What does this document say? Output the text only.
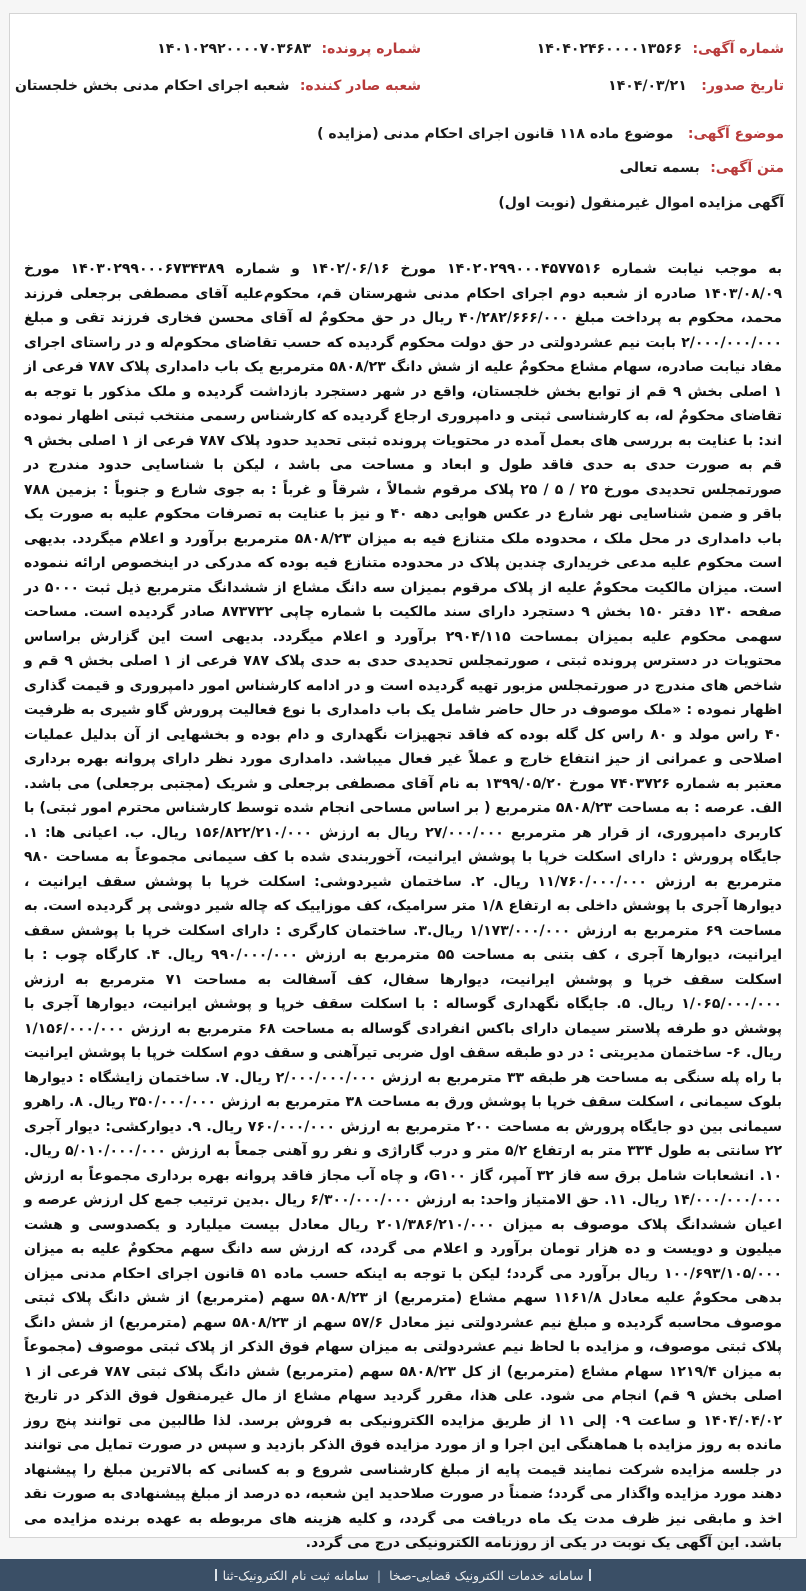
شماره آگهی: ۱۴۰۴۰۲۴۶۰۰۰۰۱۳۵۶۶
شماره پرونده: ۱۴۰۱۰۲۹۲۰۰۰۰۷۰۳۶۸۳
تاریخ صدور: ۱۴۰۴/۰۳/۲۱
شعبه صادر کننده: شعبه اجرای احکام مدنی بخش خلجستان
موضوع آگهی: موضوع ماده ۱۱۸ قانون اجرای احکام مدنی (مزایده )
متن آگهی: بسمه تعالی
آگهی مزایده اموال غیرمنقول (نوبت اول)
به موجب نیابت شماره ۱۴۰۲۰۲۹۹۰۰۰۴۵۷۷۵۱۶ مورخ ۱۴۰۲/۰۶/۱۶ و شماره ۱۴۰۳۰۲۹۹۰۰۰۶۷۳۴۳۸۹ مورخ ۱۴۰۳/۰۸/۰۹ صادره از شعبه دوم اجرای احکام مدنی شهرستان قم، محکوم‌علیه آقای مصطفی برجعلی فرزند محمد، محکوم به پرداخت مبلغ ۴۰/۲۸۲/۶۶۶/۰۰۰ ریال در حق محکومٌ له آقای محسن فخاری فرزند تقی و مبلغ ۲/۰۰۰/۰۰۰/۰۰۰ بابت نیم عشردولتی در حق دولت محکوم گردیده که حسب تقاضای محکوم‌له و در راستای اجرای مفاد نیابت صادره، سهام مشاع محکومٌ علیه از شش دانگ ۵۸۰۸/۲۳ مترمربع یک باب دامداری پلاک ۷۸۷ فرعی از ۱ اصلی بخش ۹ قم از توابع بخش خلجستان، واقع در شهر دستجرد بازداشت گردیده و ملک مذکور با توجه به تقاضای محکومٌ له، به کارشناسی ثبتی و دامپروری ارجاع گردیده که کارشناس رسمی منتخب ثبتی اظهار نموده اند: با عنایت به بررسی های بعمل آمده در محتویات پرونده ثبتی تحدید حدود پلاک ۷۸۷ فرعی از ۱ اصلی بخش ۹ قم به صورت حدی به حدی فاقد طول و ابعاد و مساحت می باشد ، لیکن با شناسایی حدود مندرج در صورتمجلس تحدیدی مورخ ۲۵ / ۵ / ۲۵ پلاک مرقوم شمالاً ، شرقاً و غرباً : به جوی شارع و جنوباً : بزمین ۷۸۸ باقر و ضمن شناسایی نهر شارع در عکس هوایی دهه ۴۰ و نیز با عنایت به تصرفات محکوم علیه به صورت یک باب دامداری در محل ملک ، محدوده ملک متنازع فیه به میزان ۵۸۰۸/۲۳ مترمربع برآورد و اعلام میگردد. بدیهی است محکوم علیه مدعی خریداری چندین پلاک در محدوده متنازع فیه بوده که مدرکی در اینخصوص ارائه ننموده است. میزان مالکیت محکومٌ علیه از پلاک مرقوم بمیزان سه دانگ مشاع از ششدانگ مترمربع ذیل ثبت ۵۰۰۰ در صفحه ۱۳۰ دفتر ۱۵۰ بخش ۹ دستجرد دارای سند مالکیت با شماره چاپی ۸۷۳۷۳۲ صادر گردیده است. مساحت سهمی محکوم علیه بمیزان بمساحت ۲۹۰۴/۱۱۵ برآورد و اعلام میگردد. بدیهی است این گزارش براساس محتویات در دسترس پرونده ثبتی ، صورتمجلس تحدیدی حدی به حدی پلاک ۷۸۷ فرعی از ۱ اصلی بخش ۹ قم و شاخص های مندرج در صورتمجلس مزبور تهیه گردیده است و در ادامه کارشناس امور دامپروری و قیمت گذاری اظهار نموده : «ملک موصوف در حال حاضر شامل یک باب دامداری با نوع فعالیت پرورش گاو شیری به ظرفیت ۴۰ راس مولد و ۸۰ راس کل گله بوده که فاقد تجهیزات نگهداری و دام بوده و بخشهایی از آن بدلیل عملیات اصلاحی و عمرانی از حیز انتفاع خارج و عملاً غیر فعال میباشد. دامداری مورد نظر دارای پروانه بهره برداری معتبر به شماره ۷۴۰۳۷۲۶ مورخ ۱۳۹۹/۰۵/۲۰ به نام آقای مصطفی برجعلی و شریک (مجتبی برجعلی) می باشد. الف. عرصه : به مساحت ۵۸۰۸/۲۳ مترمربع ( بر اساس مساحی انجام شده توسط کارشناس محترم امور ثبتی) با کاربری دامپروری، از قرار هر مترمربع ۲۷/۰۰۰/۰۰۰ ریال به ارزش ۱۵۶/۸۲۲/۲۱۰/۰۰۰ ریال. ب. اعیانی ها: ۱. جایگاه پرورش : دارای اسکلت خرپا با پوشش ایرانیت، آخوربندی شده با کف سیمانی مجموعاً به مساحت ۹۸۰ مترمربع به ارزش ۱۱/۷۶۰/۰۰۰/۰۰۰ ریال. ۲. ساختمان شیردوشی: اسکلت خرپا با پوشش سقف ایرانیت ، دیوارها آجری با پوشش داخلی به ارتفاع ۱/۸ متر سرامیک، کف موزاییک که چاله شیر دوشی پر گردیده است. به مساحت ۶۹ مترمربع به ارزش ۱/۱۷۳/۰۰۰/۰۰۰ ریال.۳. ساختمان کارگری : دارای اسکلت خرپا با پوشش سقف ایرانیت، دیوارها آجری ، کف بتنی به مساحت ۵۵ مترمربع به ارزش ۹۹۰/۰۰۰/۰۰۰ ریال. ۴. کارگاه چوب : با اسکلت سقف خرپا و پوشش ایرانیت، دیوارها سفال، کف آسفالت به مساحت ۷۱ مترمربع به ارزش ۱/۰۶۵/۰۰۰/۰۰۰ ریال. ۵. جایگاه نگهداری گوساله : با اسکلت سقف خرپا و پوشش ایرانیت، دیوارها آجری با پوشش دو طرفه پلاستر سیمان دارای باکس انفرادی گوساله به مساحت ۶۸ مترمربع به ارزش ۱/۱۵۶/۰۰۰/۰۰۰ ریال. ۶- ساختمان مدیریتی : در دو طبقه سقف اول ضربی تیرآهنی و سقف دوم اسکلت خرپا با پوشش ایرانیت با راه پله سنگی به مساحت هر طبقه ۳۳ مترمربع به ارزش ۲/۰۰۰/۰۰۰/۰۰۰ ریال. ۷. ساختمان زایشگاه : دیوارها بلوک سیمانی ، اسکلت سقف خرپا با پوشش ورق به مساحت ۳۸ مترمربع به ارزش ۳۵۰/۰۰۰/۰۰۰ ریال. ۸. راهرو سیمانی بین دو جایگاه پرورش به مساحت ۲۰۰ مترمربع به ارزش ۷۶۰/۰۰۰/۰۰۰ ریال. ۹. دیوارکشی: دیوار آجری ۲۲ سانتی به طول ۳۳۴ متر به ارتفاع ۵/۲ متر و درب گاراژی و نفر رو آهنی جمعاً به ارزش ۵/۰۱۰/۰۰۰/۰۰۰ ریال. ۱۰. انشعابات شامل برق سه فاز ۳۲ آمپر، گاز G۱۰۰، و چاه آب مجاز فاقد پروانه بهره برداری مجموعاً به ارزش ۱۴/۰۰۰/۰۰۰/۰۰۰ ریال. ۱۱. حق الامتیاز واحد: به ارزش ۶/۳۰۰/۰۰۰/۰۰۰ ریال .بدین ترتیب جمع کل ارزش عرصه و اعیان ششدانگ پلاک موصوف به میزان ۲۰۱/۳۸۶/۲۱۰/۰۰۰ ریال معادل بیست میلیارد و یکصدوسی و هشت میلیون و دویست و ده هزار تومان برآورد و اعلام می گردد، که ارزش سه دانگ سهم محکومٌ علیه به میزان ۱۰۰/۶۹۳/۱۰۵/۰۰۰ ریال برآورد می گردد؛ لیکن با توجه به اینکه حسب ماده ۵۱ قانون اجرای احکام مدنی میزان بدهی محکومٌ علیه معادل ۱۱۶۱/۸ سهم مشاع (مترمربع) از ۵۸۰۸/۲۳ سهم (مترمربع) از شش دانگ پلاک ثبتی موصوف محاسبه گردیده و مبلغ نیم عشردولتی نیز معادل ۵۷/۶ سهم از ۵۸۰۸/۲۳ سهم (مترمربع) از شش دانگ پلاک ثبتی موصوف، و مزایده با لحاظ نیم عشردولتی به میزان سهام فوق الذکر از پلاک ثبتی موصوف (مجموعاً به میزان ۱۲۱۹/۴ سهام مشاع (مترمربع) از کل ۵۸۰۸/۲۳ سهم (مترمربع) شش دانگ پلاک ثبتی ۷۸۷ فرعی از ۱ اصلی بخش ۹ قم) انجام می شود. علی هذا، مقرر گردید سهام مشاع از مال غیرمنقول فوق الذکر در تاریخ ۱۴۰۴/۰۴/۰۲ و ساعت ۰۹ إلی ۱۱ از طریق مزایده الکترونیکی به فروش برسد. لذا طالبین می توانند پنج روز مانده به روز مزایده با هماهنگی این اجرا و از مورد مزایده فوق الذکر بازدید و سپس در صورت تمایل می توانند در جلسه مزایده شرکت نمایند قیمت پایه از مبلغ کارشناسی شروع و به کسانی که بالاترین مبلغ را پیشنهاد دهند مورد مزایده واگذار می گردد؛ ضمناً در صورت صلاحدید این شعبه، ده درصد از مبلغ پیشنهادی به صورت نقد اخذ و مابقی نیز ظرف مدت یک ماه دریافت می گردد، و کلیه هزینه های مربوطه به عهده برنده مزایده می باشد. این آگهی یک نوبت در یکی از روزنامه الکترونیکی درج می گردد.
سامانه خدمات الکترونیک قضایی-صخا
|
سامانه ثبت نام الکترونیک-ثنا
